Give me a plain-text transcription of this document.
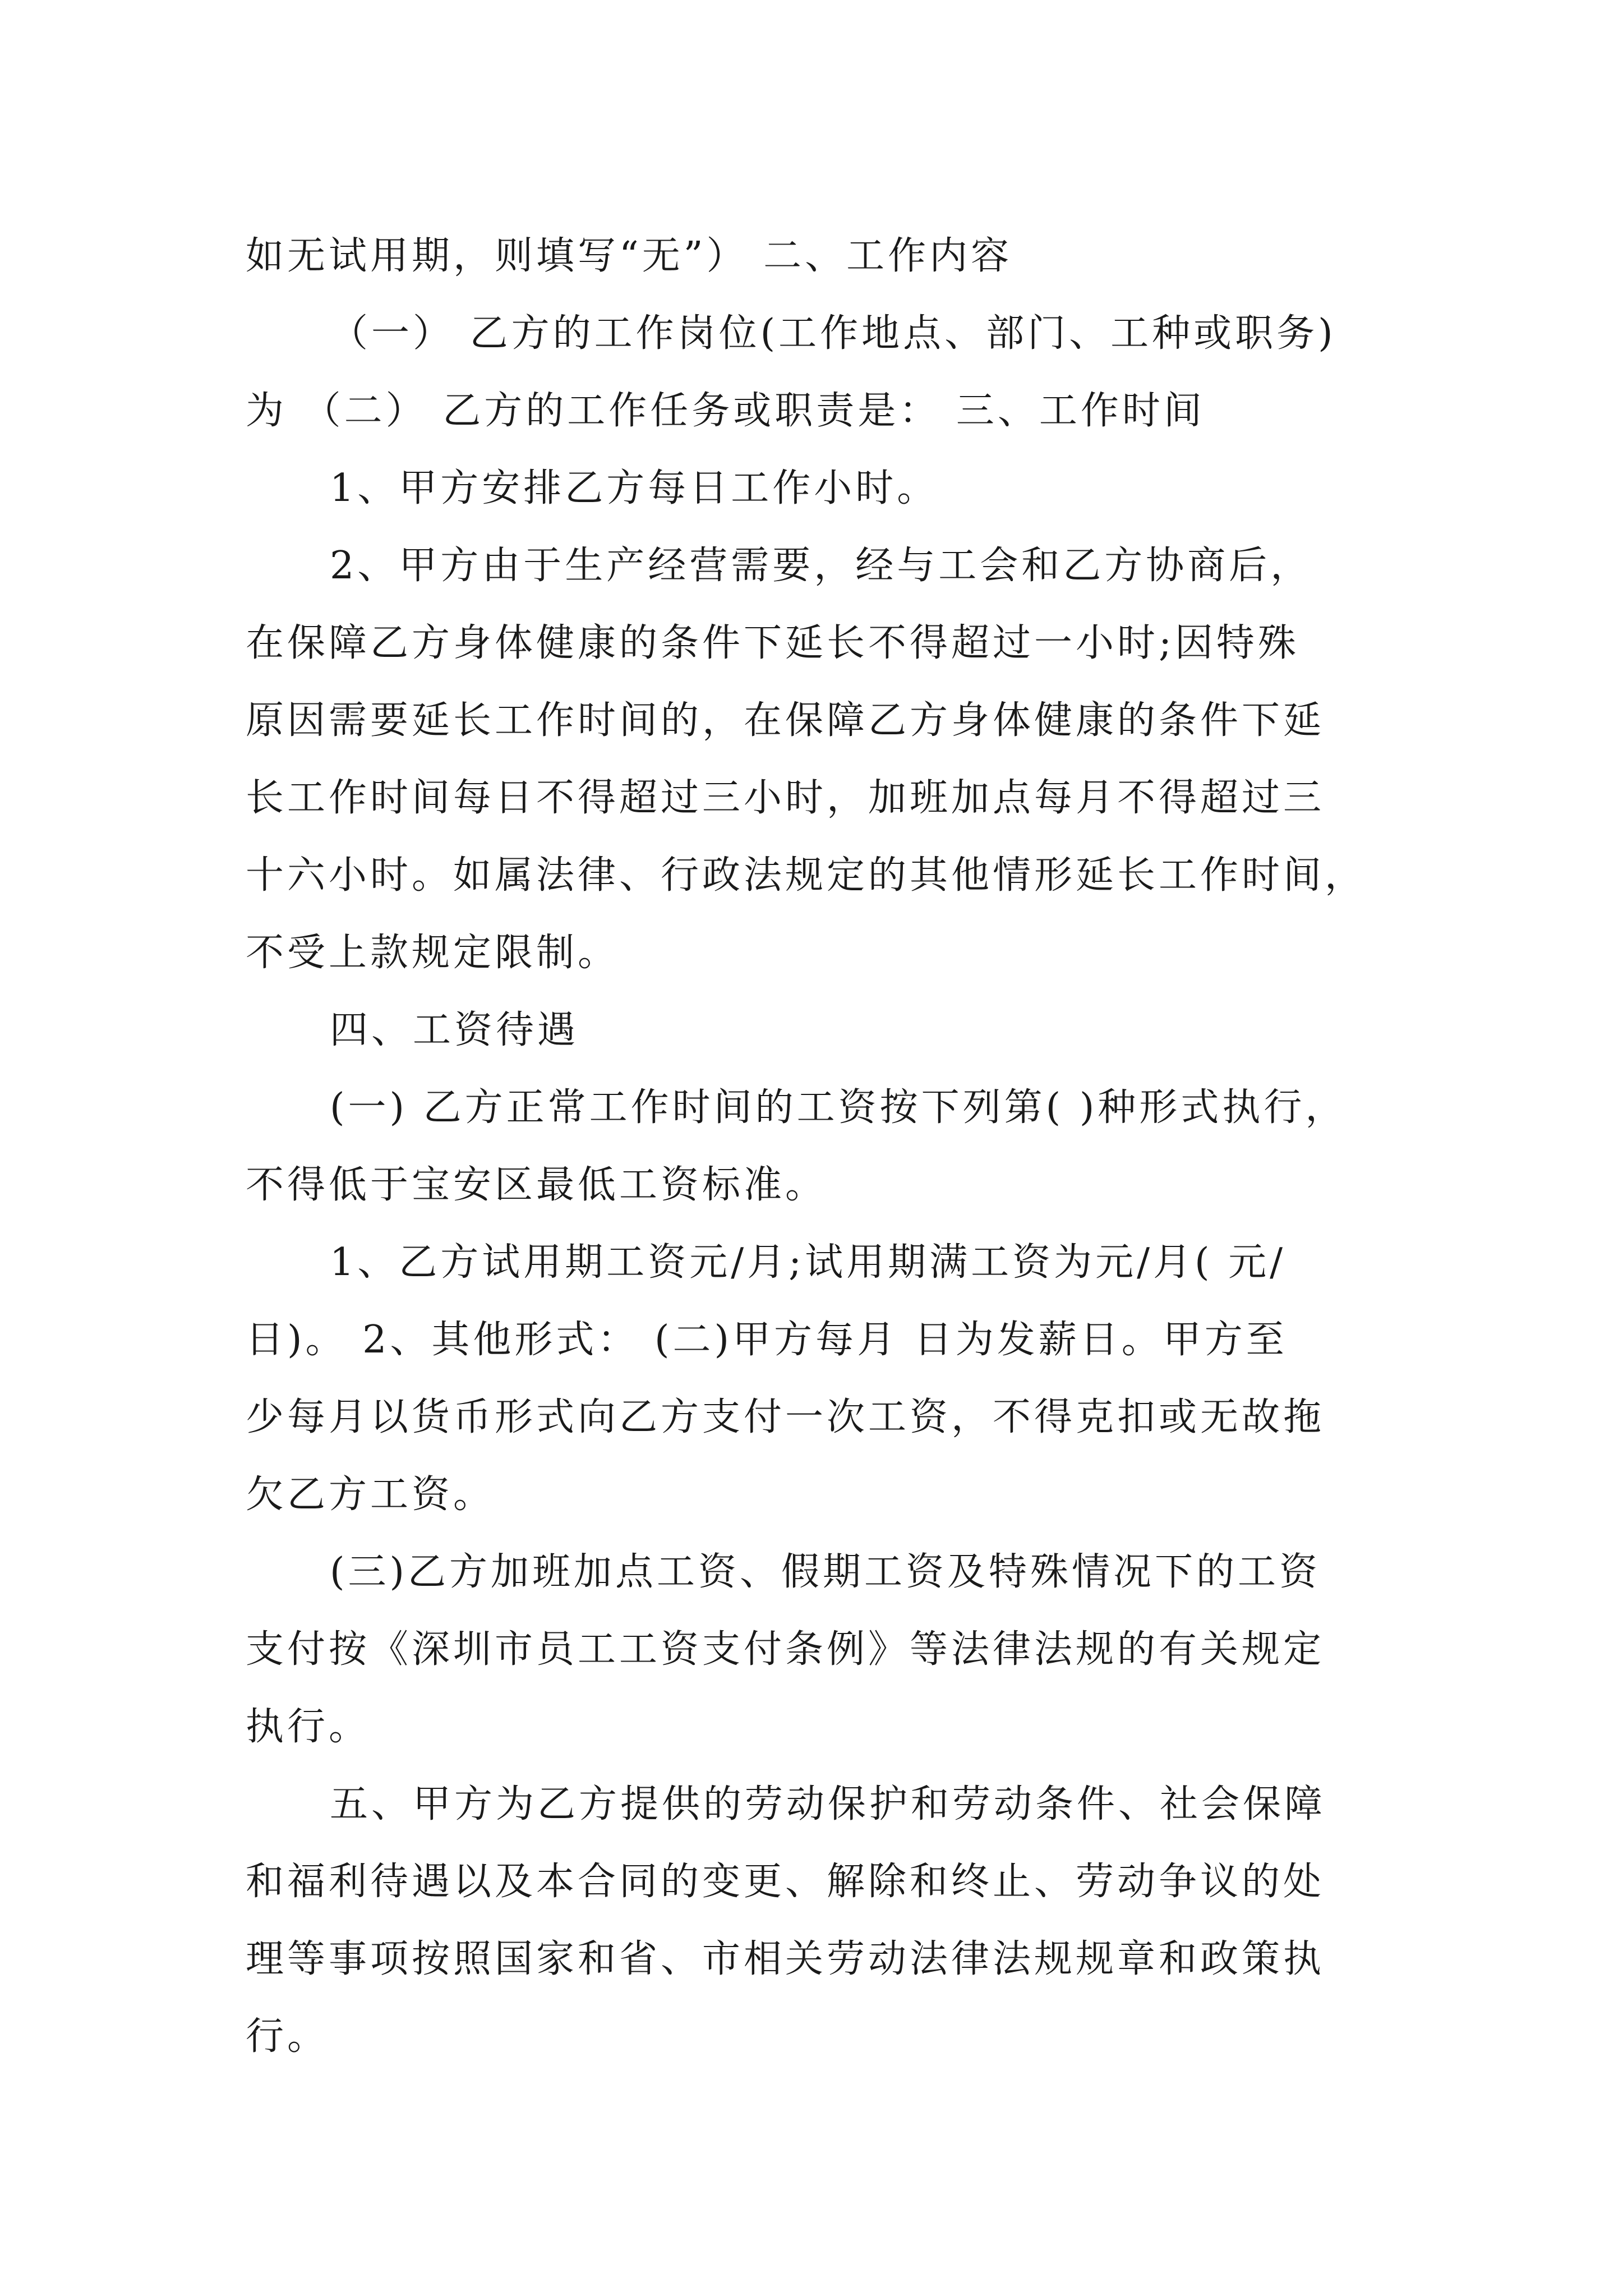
如无试用期，则填写“无”） 二、工作内容
（一） 乙方的工作岗位(工作地点、部门、工种或职务)
为 （二） 乙方的工作任务或职责是： 三、工作时间
1、甲方安排乙方每日工作小时。
2、甲方由于生产经营需要，经与工会和乙方协商后，
在保障乙方身体健康的条件下延长不得超过一小时;因特殊
原因需要延长工作时间的，在保障乙方身体健康的条件下延
长工作时间每日不得超过三小时，加班加点每月不得超过三
十六小时。如属法律、行政法规定的其他情形延长工作时间，
不受上款规定限制。
四、工资待遇
(一) 乙方正常工作时间的工资按下列第( )种形式执行，
不得低于宝安区最低工资标准。
1、乙方试用期工资元/月;试用期满工资为元/月( 元/
日)。 2、其他形式： (二)甲方每月 日为发薪日。甲方至
少每月以货币形式向乙方支付一次工资，不得克扣或无故拖
欠乙方工资。
(三)乙方加班加点工资、假期工资及特殊情况下的工资
支付按《深圳市员工工资支付条例》等法律法规的有关规定
执行。
五、甲方为乙方提供的劳动保护和劳动条件、社会保障
和福利待遇以及本合同的变更、解除和终止、劳动争议的处
理等事项按照国家和省、市相关劳动法律法规规章和政策执
行。
